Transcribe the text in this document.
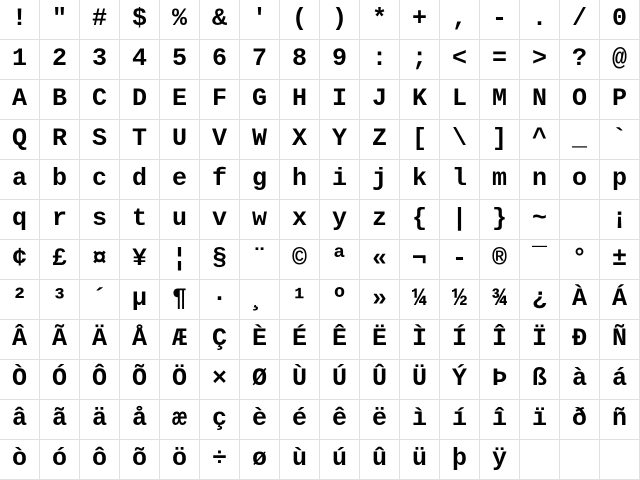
! " # $ % & ' ( ) * + , - . / 0
1 2 3 4 5 6 7 8 9 : ; < = > ? @
A B C D E F G H I J K L M N O P
Q R S T U V W X Y Z [ \ ] ^ _ `
a b c d e f g h i j k l m n o p
q r s t u v w x y z { | } ~	¡
¢ £ ¤ ¥ ¦ § ¨ © ª « ¬ - ® ¯ ° ±
² ³ ´ µ ¶ · ¸ ¹ º » ¼ ½ ¾ ¿ À Á
Â Ã Ä Å Æ Ç È É Ê Ë Ì Í Î Ï Ð Ñ
Ò Ó Ô Õ Ö × Ø Ù Ú Û Ü Ý Þ ß à á
â ã ä å æ ç è é ê ë ì í î ï ð ñ
ò ó ô õ ö ÷ ø ù ú û ü þ ÿ
